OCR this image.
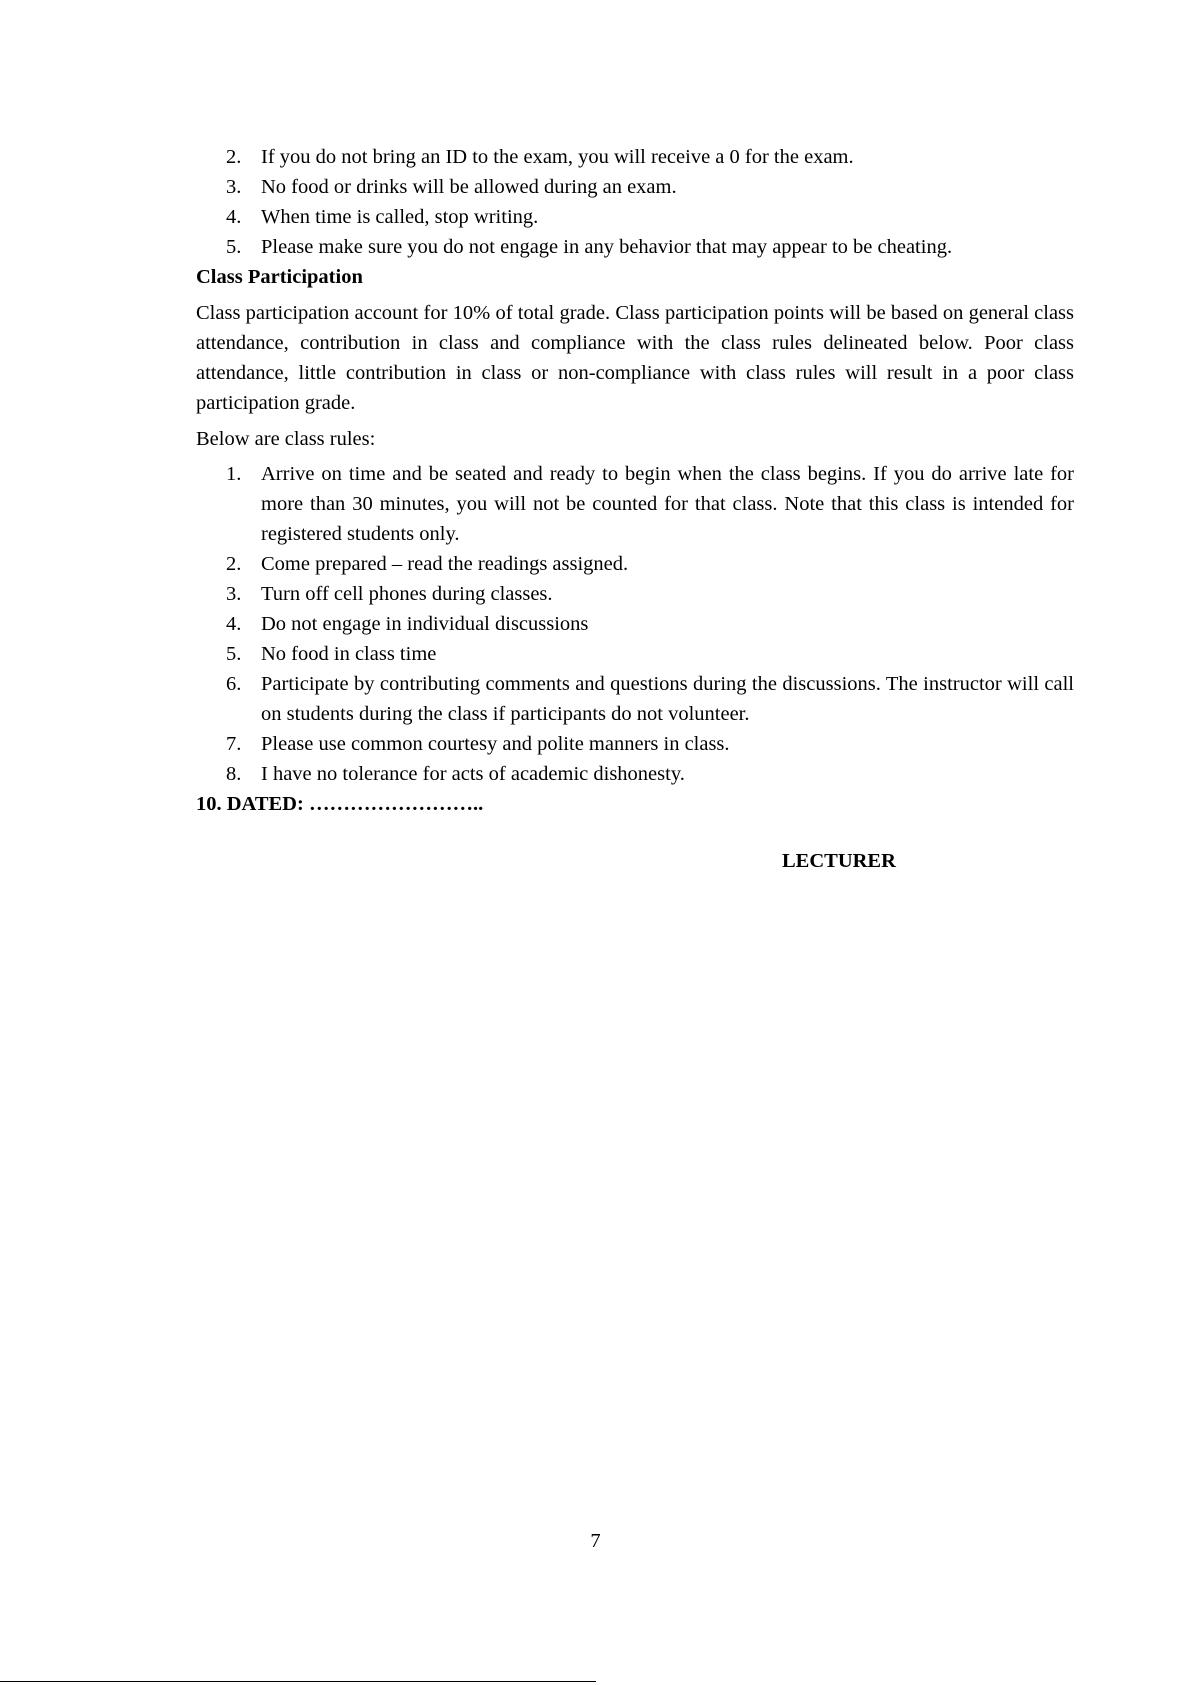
2. If you do not bring an ID to the exam, you will receive a 0 for the exam.
3. No food or drinks will be allowed during an exam.
4. When time is called, stop writing.
5. Please make sure you do not engage in any behavior that may appear to be cheating.
Class Participation
Class participation account for 10% of total grade. Class participation points will be based on general class attendance, contribution in class and compliance with the class rules delineated below. Poor class attendance, little contribution in class or non-compliance with class rules will result in a poor class participation grade.
Below are class rules:
1. Arrive on time and be seated and ready to begin when the class begins. If you do arrive late for more than 30 minutes, you will not be counted for that class. Note that this class is intended for registered students only.
2. Come prepared – read the readings assigned.
3. Turn off cell phones during classes.
4. Do not engage in individual discussions
5. No food in class time
6. Participate by contributing comments and questions during the discussions. The instructor will call on students during the class if participants do not volunteer.
7. Please use common courtesy and polite manners in class.
8. I have no tolerance for acts of academic dishonesty.
10. DATED: ……………………..
LECTURER
7
